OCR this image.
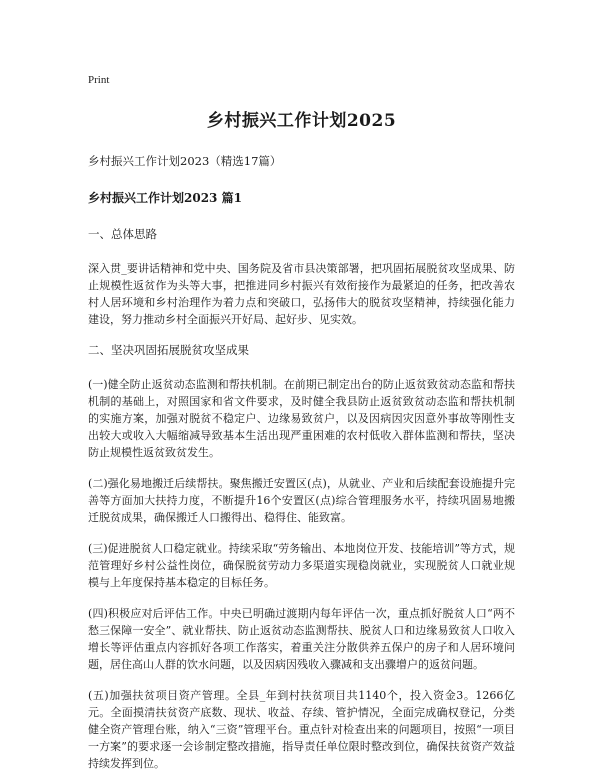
Print
乡村振兴工作计划2025
乡村振兴工作计划2023（精选17篇）
乡村振兴工作计划2023 篇1
一、总体思路
深入贯_要讲话精神和党中央、国务院及省市县决策部署，把巩固拓展脱贫攻坚成果、防止规模性返贫作为头等大事，把推进同乡村振兴有效衔接作为最紧迫的任务，把改善农村人居环境和乡村治理作为着力点和突破口，弘扬伟大的脱贫攻坚精神，持续强化能力建设，努力推动乡村全面振兴开好局、起好步、见实效。
二、坚决巩固拓展脱贫攻坚成果
(一)健全防止返贫动态监测和帮扶机制。在前期已制定出台的防止返贫致贫动态监和帮扶机制的基础上，对照国家和省文件要求，及时健全我县防止返贫致贫动态监和帮扶机制的实施方案，加强对脱贫不稳定户、边缘易致贫户，以及因病因灾因意外事故等刚性支出较大或收入大幅缩减导致基本生活出现严重困难的农村低收入群体监测和帮扶，坚决防止规模性返贫致贫发生。
(二)强化易地搬迁后续帮扶。聚焦搬迁安置区(点)，从就业、产业和后续配套设施提升完善等方面加大扶持力度，不断提升16个安置区(点)综合管理服务水平，持续巩固易地搬迁脱贫成果，确保搬迁人口搬得出、稳得住、能致富。
(三)促进脱贫人口稳定就业。持续采取“劳务输出、本地岗位开发、技能培训”等方式，规范管理好乡村公益性岗位，确保脱贫劳动力多渠道实现稳岗就业，实现脱贫人口就业规模与上年度保持基本稳定的目标任务。
(四)积极应对后评估工作。中央已明确过渡期内每年评估一次，重点抓好脱贫人口“两不愁三保障一安全”、就业帮扶、防止返贫动态监测帮扶、脱贫人口和边缘易致贫人口收入增长等评估重点内容抓好各项工作落实，着重关注分散供养五保户的房子和人居环境问题，居住高山人群的饮水问题，以及因病因残收入骤减和支出骤增户的返贫问题。
(五)加强扶贫项目资产管理。全县_年到村扶贫项目共1140个，投入资金3。1266亿元。全面摸清扶贫资产底数、现状、收益、存续、管护情况，全面完成确权登记，分类健全资产管理台账，纳入“三资”管理平台。重点针对检查出来的问题项目，按照“一项目一方案”的要求逐一会诊制定整改措施，指导责任单位限时整改到位，确保扶贫资产效益持续发挥到位。
